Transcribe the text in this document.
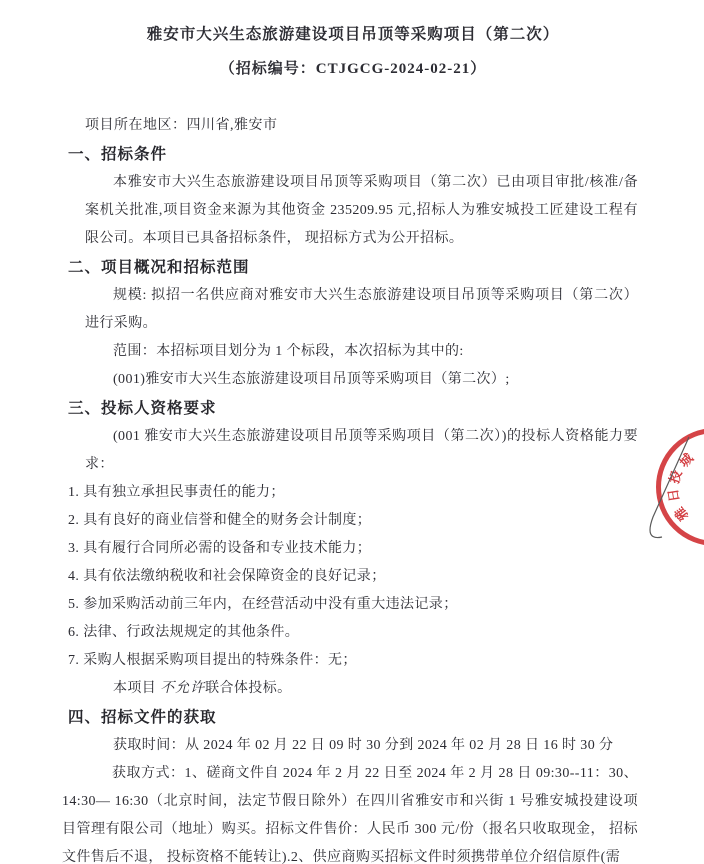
雅安市大兴生态旅游建设项目吊顶等采购项目（第二次）
（招标编号：CTJGCG-2024-02-21）

项目所在地区：四川省,雅安市

一、招标条件

本雅安市大兴生态旅游建设项目吊顶等采购项目（第二次）已由项目审批/核准/备案机关批准,项目资金来源为其他资金 235209.95 元,招标人为雅安城投工匠建设工程有限公司。本项目已具备招标条件， 现招标方式为公开招标。

二、项目概况和招标范围

规模: 拟招一名供应商对雅安市大兴生态旅游建设项目吊顶等采购项目（第二次）进行采购。

范围：本招标项目划分为 1 个标段，本次招标为其中的:

(001)雅安市大兴生态旅游建设项目吊顶等采购项目（第二次）;

三、投标人资格要求

(001 雅安市大兴生态旅游建设项目吊顶等采购项目（第二次）)的投标人资格能力要求：

1. 具有独立承担民事责任的能力；

2. 具有良好的商业信誉和健全的财务会计制度；

3. 具有履行合同所必需的设备和专业技术能力；

4. 具有依法缴纳税收和社会保障资金的良好记录；

5. 参加采购活动前三年内，在经营活动中没有重大违法记录；

6. 法律、行政法规规定的其他条件。

7. 采购人根据采购项目提出的特殊条件：无；

本项目 不允许联合体投标。

四、招标文件的获取

获取时间：从 2024 年 02 月 22 日 09 时 30 分到 2024 年 02 月 28 日 16 时 30 分

获取方式：1、磋商文件自 2024 年 2 月 22 日至 2024 年 2 月 28 日 09:30--11：30、14:30— 16:30（北京时间，法定节假日除外）在四川省雅安市和兴街 1 号雅安城投建设项目管理有限公司（地址）购买。招标文件售价：人民币 300 元/份（报名只收取现金， 招标文件售后不退， 投标资格不能转让).2、供应商购买招标文件时须携带单位介绍信原件(需

城
投
日
雅
